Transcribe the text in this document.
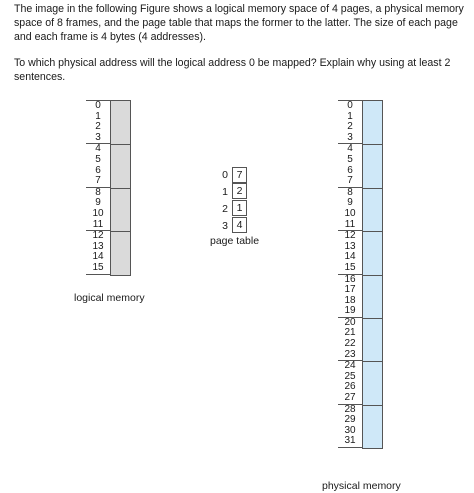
The image in the following Figure shows a logical memory space of 4 pages, a physical memory space of 8 frames, and the page table that maps the former to the latter. The size of each page and each frame is 4 bytes (4 addresses).

To which physical address will the logical address 0 be mapped? Explain why using at least 2 sentences.

0
1
2
3
4
5
6
7
8
9
10
11
12
13
14
15
logical memory
0 7
1 2
2 1
3 4
page table
0
1
2
3
4
5
6
7
8
9
10
11
12
13
14
15
16
17
18
19
20
21
22
23
24
25
26
27
28
29
30
31
physical memory
